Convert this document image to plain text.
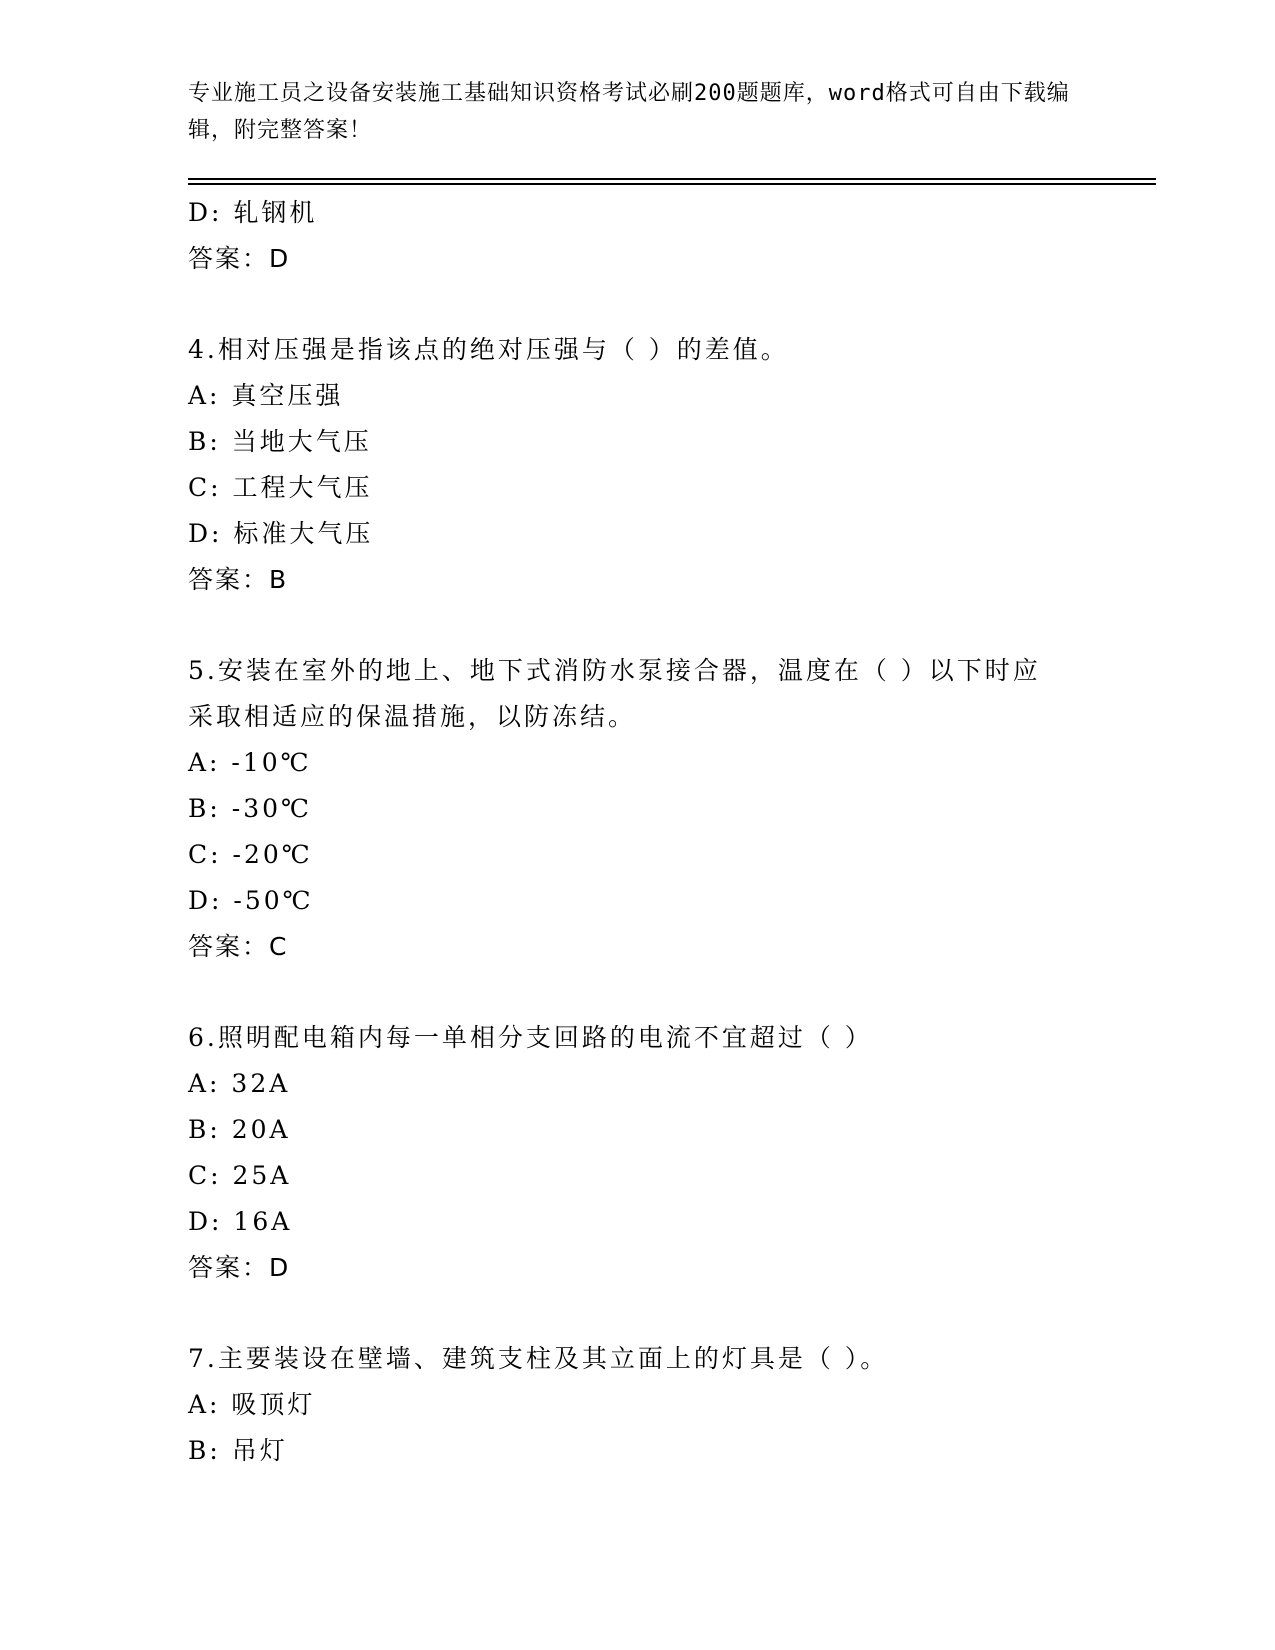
专业施工员之设备安装施工基础知识资格考试必刷200题题库，word格式可自由下载编辑，附完整答案！
D: 轧钢机
答案：D
4.相对压强是指该点的绝对压强与（ ）的差值。
A: 真空压强
B: 当地大气压
C: 工程大气压
D: 标准大气压
答案：B
5.安装在室外的地上、地下式消防水泵接合器，温度在（ ）以下时应采取相适应的保温措施，以防冻结。
A: -10℃
B: -30℃
C: -20℃
D: -50℃
答案：C
6.照明配电箱内每一单相分支回路的电流不宜超过（ ）
A: 32A
B: 20A
C: 25A
D: 16A
答案：D
7.主要装设在壁墙、建筑支柱及其立面上的灯具是（ ）。
A: 吸顶灯
B: 吊灯
